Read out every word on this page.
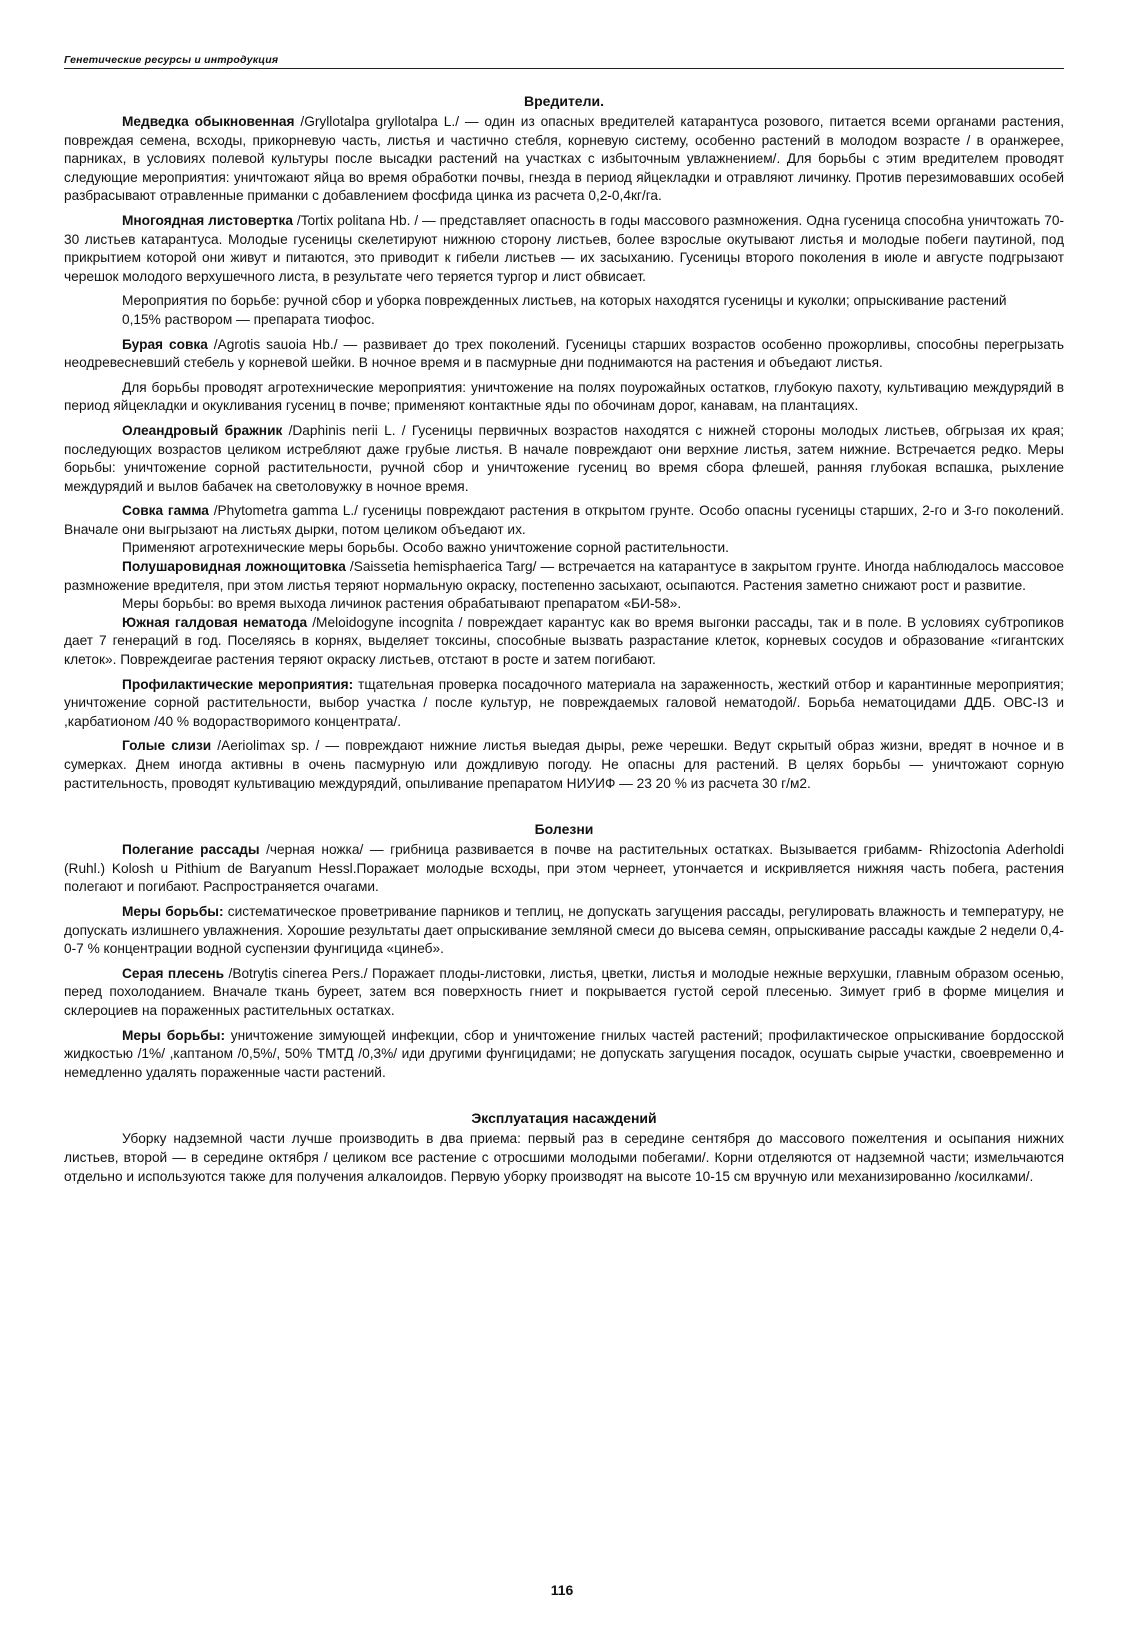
Генетические ресурсы и интродукция
Вредители.

Медведка обыкновенная /Gryllotalpa gryllotalpa L./ — один из опасных вредителей катарантуса розового, питается всеми органами растения, повреждая семена, всходы, прикорневую часть, листья и частично стебля, корневую систему, особенно растений в молодом возрасте / в оранжерее, парниках, в условиях полевой культуры после высадки растений на участках с избыточным увлажнением/. Для борьбы с этим вредителем проводят следующие мероприятия: уничтожают яйца во время обработки почвы, гнезда в период яйцекладки и отравляют личинку. Против перезимовавших особей разбрасывают отравленные приманки с добавлением фосфида цинка из расчета 0,2-0,4кг/га.

Многоядная листовертка /Tortix politana Hb. / — представляет опасность в годы массового размножения. Одна гусеница способна уничтожать 70-30 листьев катарантуса. Молодые гусеницы скелетируют нижнюю сторону листьев, более взрослые окутывают листья и молодые побеги паутиной, под прикрытием которой они живут и питаются, это приводит к гибели листьев — их засыханию. Гусеницы второго поколения в июле и августе подгрызают черешок молодого верхушечного листа, в результате чего теряется тургор и лист обвисает.

Мероприятия по борьбе: ручной сбор и уборка поврежденных листьев, на которых находятся гусеницы и куколки; опрыскивание растений

0,15% раствором — препарата тиофос.

Бурая совка /Agrotis sauoia Hb./ — развивает до трех поколений. Гусеницы старших возрастов особенно прожорливы, способны перегрызать неодревесневший стебель у корневой шейки. В ночное время и в пасмурные дни поднимаются на растения и объедают листья.

Для борьбы проводят агротехнические мероприятия: уничтожение на полях поурожайных остатков, глубокую пахоту, культивацию междурядий в период яйцекладки и окукливания гусениц в почве; применяют контактные яды по обочинам дорог, канавам, на плантациях.

Олеандровый бражник /Daphinis nerii L. / Гусеницы первичных возрастов находятся с нижней стороны молодых листьев, обгрызая их края; последующих возрастов целиком истребляют даже грубые листья. В начале повреждают они верхние листья, затем нижние. Встречается редко. Меры борьбы: уничтожение сорной растительности, ручной сбор и уничтожение гусениц во время сбора флешей, ранняя глубокая вспашка, рыхление междурядий и вылов бабачек на светоловужку в ночное время.

Совка гамма /Phytometra gamma L./ гусеницы повреждают растения в открытом грунте. Особо опасны гусеницы старших, 2-го и 3-го поколений. Вначале они выгрызают на листьях дырки, потом целиком объедают их.

Применяют агротехнические меры борьбы. Особо важно уничтожение сорной растительности.

Полушаровидная ложнощитовка /Saissetia hemisphaerica Targ/ — встречается на катарантусе в закрытом грунте. Иногда наблюдалось массовое размножение вредителя, при этом листья теряют нормальную окраску, постепенно засыхают, осыпаются. Растения заметно снижают рост и развитие.

Меры борьбы: во время выхода личинок растения обрабатывают препаратом «БИ-58».

Южная галдовая нематода /Meloidogyne incognita / повреждает карантус как во время выгонки рассады, так и в поле. В условиях субтропиков дает 7 генераций в год. Поселяясь в корнях, выделяет токсины, способные вызвать разрастание клеток, корневых сосудов и образование «гигантских клеток». Повреждеигае растения теряют окраску листьев, отстают в росте и затем погибают.

Профилактические мероприятия: тщательная проверка посадочного материала на зараженность, жесткий отбор и карантинные мероприятия; уничтожение сорной растительности, выбор участка / после культур, не повреждаемых галовой нематодой/. Борьба нематоцидами ДДБ. ОВС-I3 и ,карбатионом /40 % водорастворимого концентрата/.

Голые слизи /Aeriolimax sp. / — повреждают нижние листья выедая дыры, реже черешки. Ведут скрытый образ жизни, вредят в ночное и в сумерках. Днем иногда активны в очень пасмурную или дождливую погоду. Не опасны для растений. В целях борьбы — уничтожают сорную растительность, проводят культивацию междурядий, опыливание препаратом НИУИФ — 23 20 % из расчета 30 г/м2.

Болезни

Полегание рассады /черная ножка/ — грибница развивается в почве на растительных остатках. Вызывается грибамм- Rhizoctonia Aderholdi (Ruhl.) Kolosh u Pithium de Baryanum Hessl.Поражает молодые всходы, при этом чернеет, утончается и искривляется нижняя часть побега, растения полегают и погибают. Распространяется очагами.

Меры борьбы: систематическое проветривание парников и теплиц, не допускать загущения рассады, регулировать влажность и температуру, не допускать излишнего увлажнения. Хорошие результаты дает опрыскивание земляной смеси до высева семян, опрыскивание рассады каждые 2 недели 0,4-0-7 % концентрации водной суспензии фунгицида «цинеб».

Серая плесень /Botrytis cinerea Pers./ Поражает плоды-листовки, листья, цветки, листья и молодые нежные верхушки, главным образом осенью, перед похолоданием. Вначале ткань буреет, затем вся поверхность гниет и покрывается густой серой плесенью. Зимует гриб в форме мицелия и склероциев на пораженных растительных остатках.

Меры борьбы: уничтожение зимующей инфекции, сбор и уничтожение гнилых частей растений; профилактическое опрыскивание бордосской жидкостью /1%/ ,каптаном /0,5%/, 50% ТМТД /0,3%/ иди другими фунгицидами; не допускать загущения посадок, осушать сырые участки, своевременно и немедленно удалять пораженные части растений.

Эксплуатация насаждений

Уборку надземной части лучше производить в два приема: первый раз в середине сентября до массового пожелтения и осыпания нижних листьев, второй — в середине октября / целиком все растение с отросшими молодыми побегами/. Корни отделяются от надземной части; измельчаются отдельно и используются также для получения алкалоидов. Первую уборку производят на высоте 10-15 см вручную или механизированно /косилками/.

116
